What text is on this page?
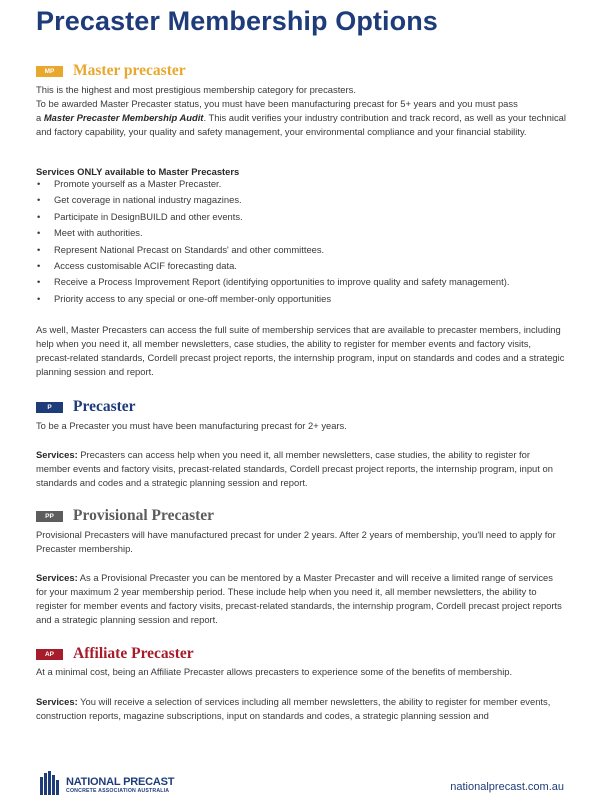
Precaster Membership Options
MP	Master precaster

This is the highest and most prestigious membership category for precasters.
To be awarded Master Precaster status, you must have been manufacturing precast for 5+ years and you must pass
a Master Precaster Membership Audit. This audit verifies your industry contribution and track record, as well as your technical and factory capability, your quality and safety management, your environmental compliance and your financial stability.

Services ONLY available to Master Precasters
• Promote yourself as a Master Precaster.
• Get coverage in national industry magazines.
• Participate in DesignBUILD and other events.
• Meet with authorities.
• Represent National Precast on Standards' and other committees.
• Access customisable ACIF forecasting data.
• Receive a Process Improvement Report (identifying opportunities to improve quality and safety management).
• Priority access to any special or one-off member-only opportunities

As well, Master Precasters can access the full suite of membership services that are available to precaster members, including help when you need it, all member newsletters, case studies, the ability to register for member events and factory visits, precast-related standards, Cordell precast project reports, the internship program, input on standards and codes and a strategic planning session and report.

P	Precaster

To be a Precaster you must have been manufacturing precast for 2+ years.

Services: Precasters can access help when you need it, all member newsletters, case studies, the ability to register for member events and factory visits, precast-related standards, Cordell precast project reports, the internship program, input on standards and codes and a strategic planning session and report.

PP	Provisional Precaster

Provisional Precasters will have manufactured precast for under 2 years. After 2 years of membership, you'll need to apply for Precaster membership.

Services: As a Provisional Precaster you can be mentored by a Master Precaster and will receive a limited range of services for your maximum 2 year membership period. These include help when you need it, all member newsletters, the ability to register for member events and factory visits, precast-related standards, the internship program, Cordell precast project reports and a strategic planning session and report.

AP	Affiliate Precaster

At a minimal cost, being an Affiliate Precaster allows precasters to experience some of the benefits of membership.

Services: You will receive a selection of services including all member newsletters, the ability to register for member events, construction reports, magazine subscriptions, input on standards and codes, a strategic planning session and

NATIONAL PRECAST
CONCRETE ASSOCIATION AUSTRALIA	nationalprecast.com.au
